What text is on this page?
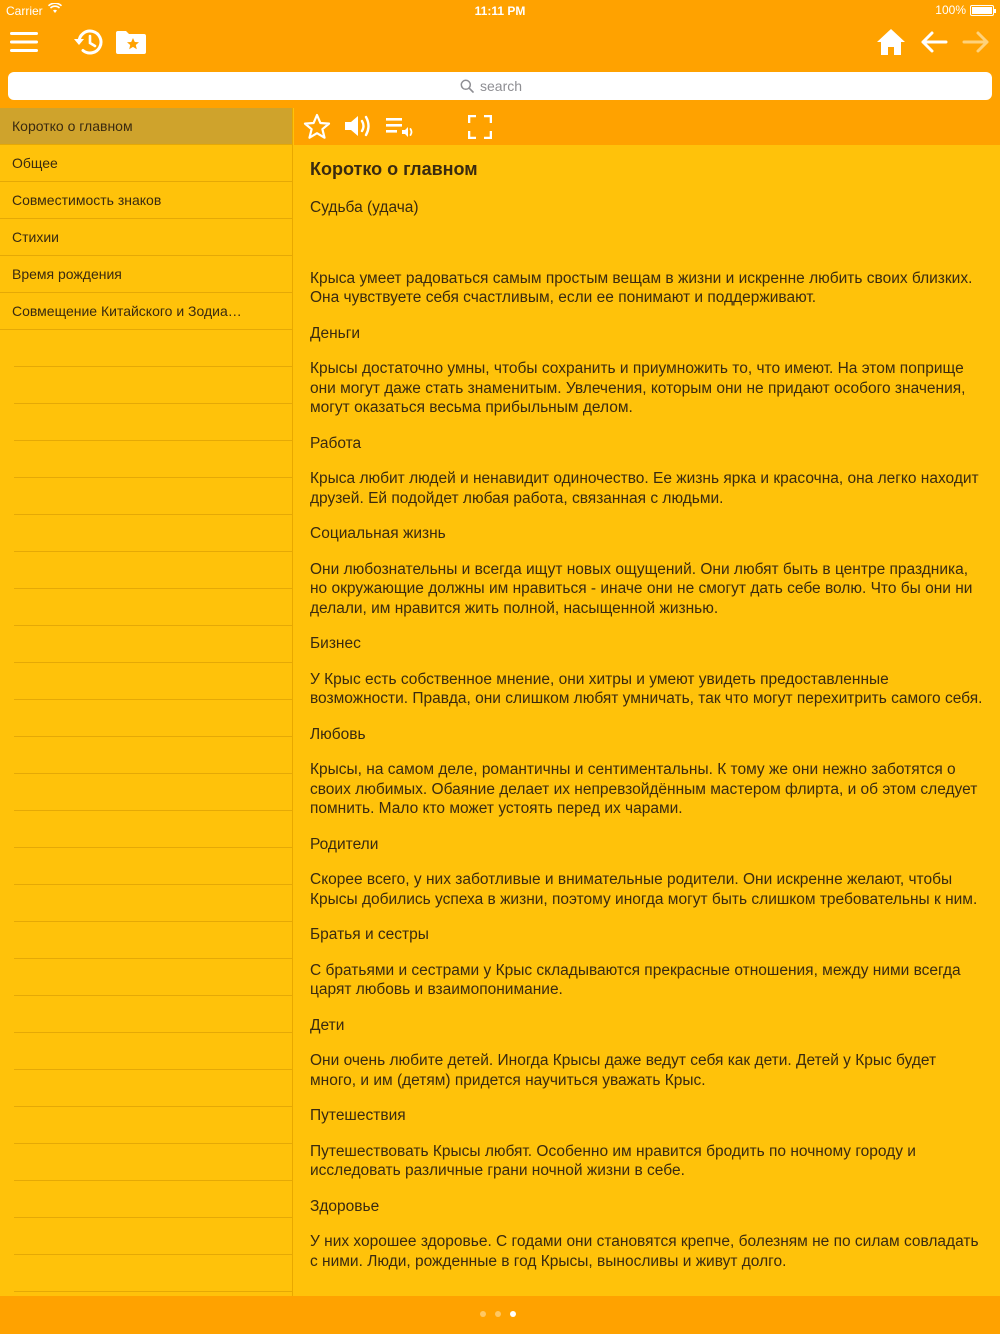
Carrier	11:11 PM	100%
search
Коротко о главном
Общее
Совместимость знаков
Стихии
Время рождения
Совмещение Китайского и Зодиа…
Коротко о главном

Судьба (удача)

Крыса умеет радоваться самым простым вещам в жизни и искренне любить своих близких. Она чувствуете себя счастливым, если ее понимают и поддерживают.

Деньги

Крысы достаточно умны, чтобы сохранить и приумножить то, что имеют. На этом поприще они могут даже стать знаменитым. Увлечения, которым они не придают особого значения, могут оказаться весьма прибыльным делом.

Работа

Крыса любит людей и ненавидит одиночество. Ее жизнь ярка и красочна, она легко находит друзей. Ей подойдет любая работа, связанная с людьми.

Социальная жизнь

Они любознательны и всегда ищут новых ощущений. Они любят быть в центре праздника, но окружающие должны им нравиться - иначе они не смогут дать себе волю. Что бы они ни делали, им нравится жить полной, насыщенной жизнью.

Бизнес

У Крыс есть собственное мнение, они хитры и умеют увидеть предоставленные возможности. Правда, они слишком любят умничать, так что могут перехитрить самого себя.

Любовь

Крысы, на самом деле, романтичны и сентиментальны. К тому же они нежно заботятся о своих любимых. Обаяние делает их непревзойдённым мастером флирта, и об этом следует помнить. Мало кто может устоять перед их чарами.

Родители

Скорее всего, у них заботливые и внимательные родители. Они искренне желают, чтобы Крысы добились успеха в жизни, поэтому иногда могут быть слишком требовательны к ним.

Братья и сестры

С братьями и сестрами у Крыс складываются прекрасные отношения, между ними всегда царят любовь и взаимопонимание.

Дети

Они очень любите детей. Иногда Крысы даже ведут себя как дети. Детей у Крыс будет много, и им (детям) придется научиться уважать Крыс.

Путешествия

Путешествовать Крысы любят. Особенно им нравится бродить по ночному городу и исследовать различные грани ночной жизни в себе.

Здоровье

У них хорошее здоровье. С годами они становятся крепче, болезням не по силам совладать с ними. Люди, рожденные в год Крысы, выносливы и живут долго.
